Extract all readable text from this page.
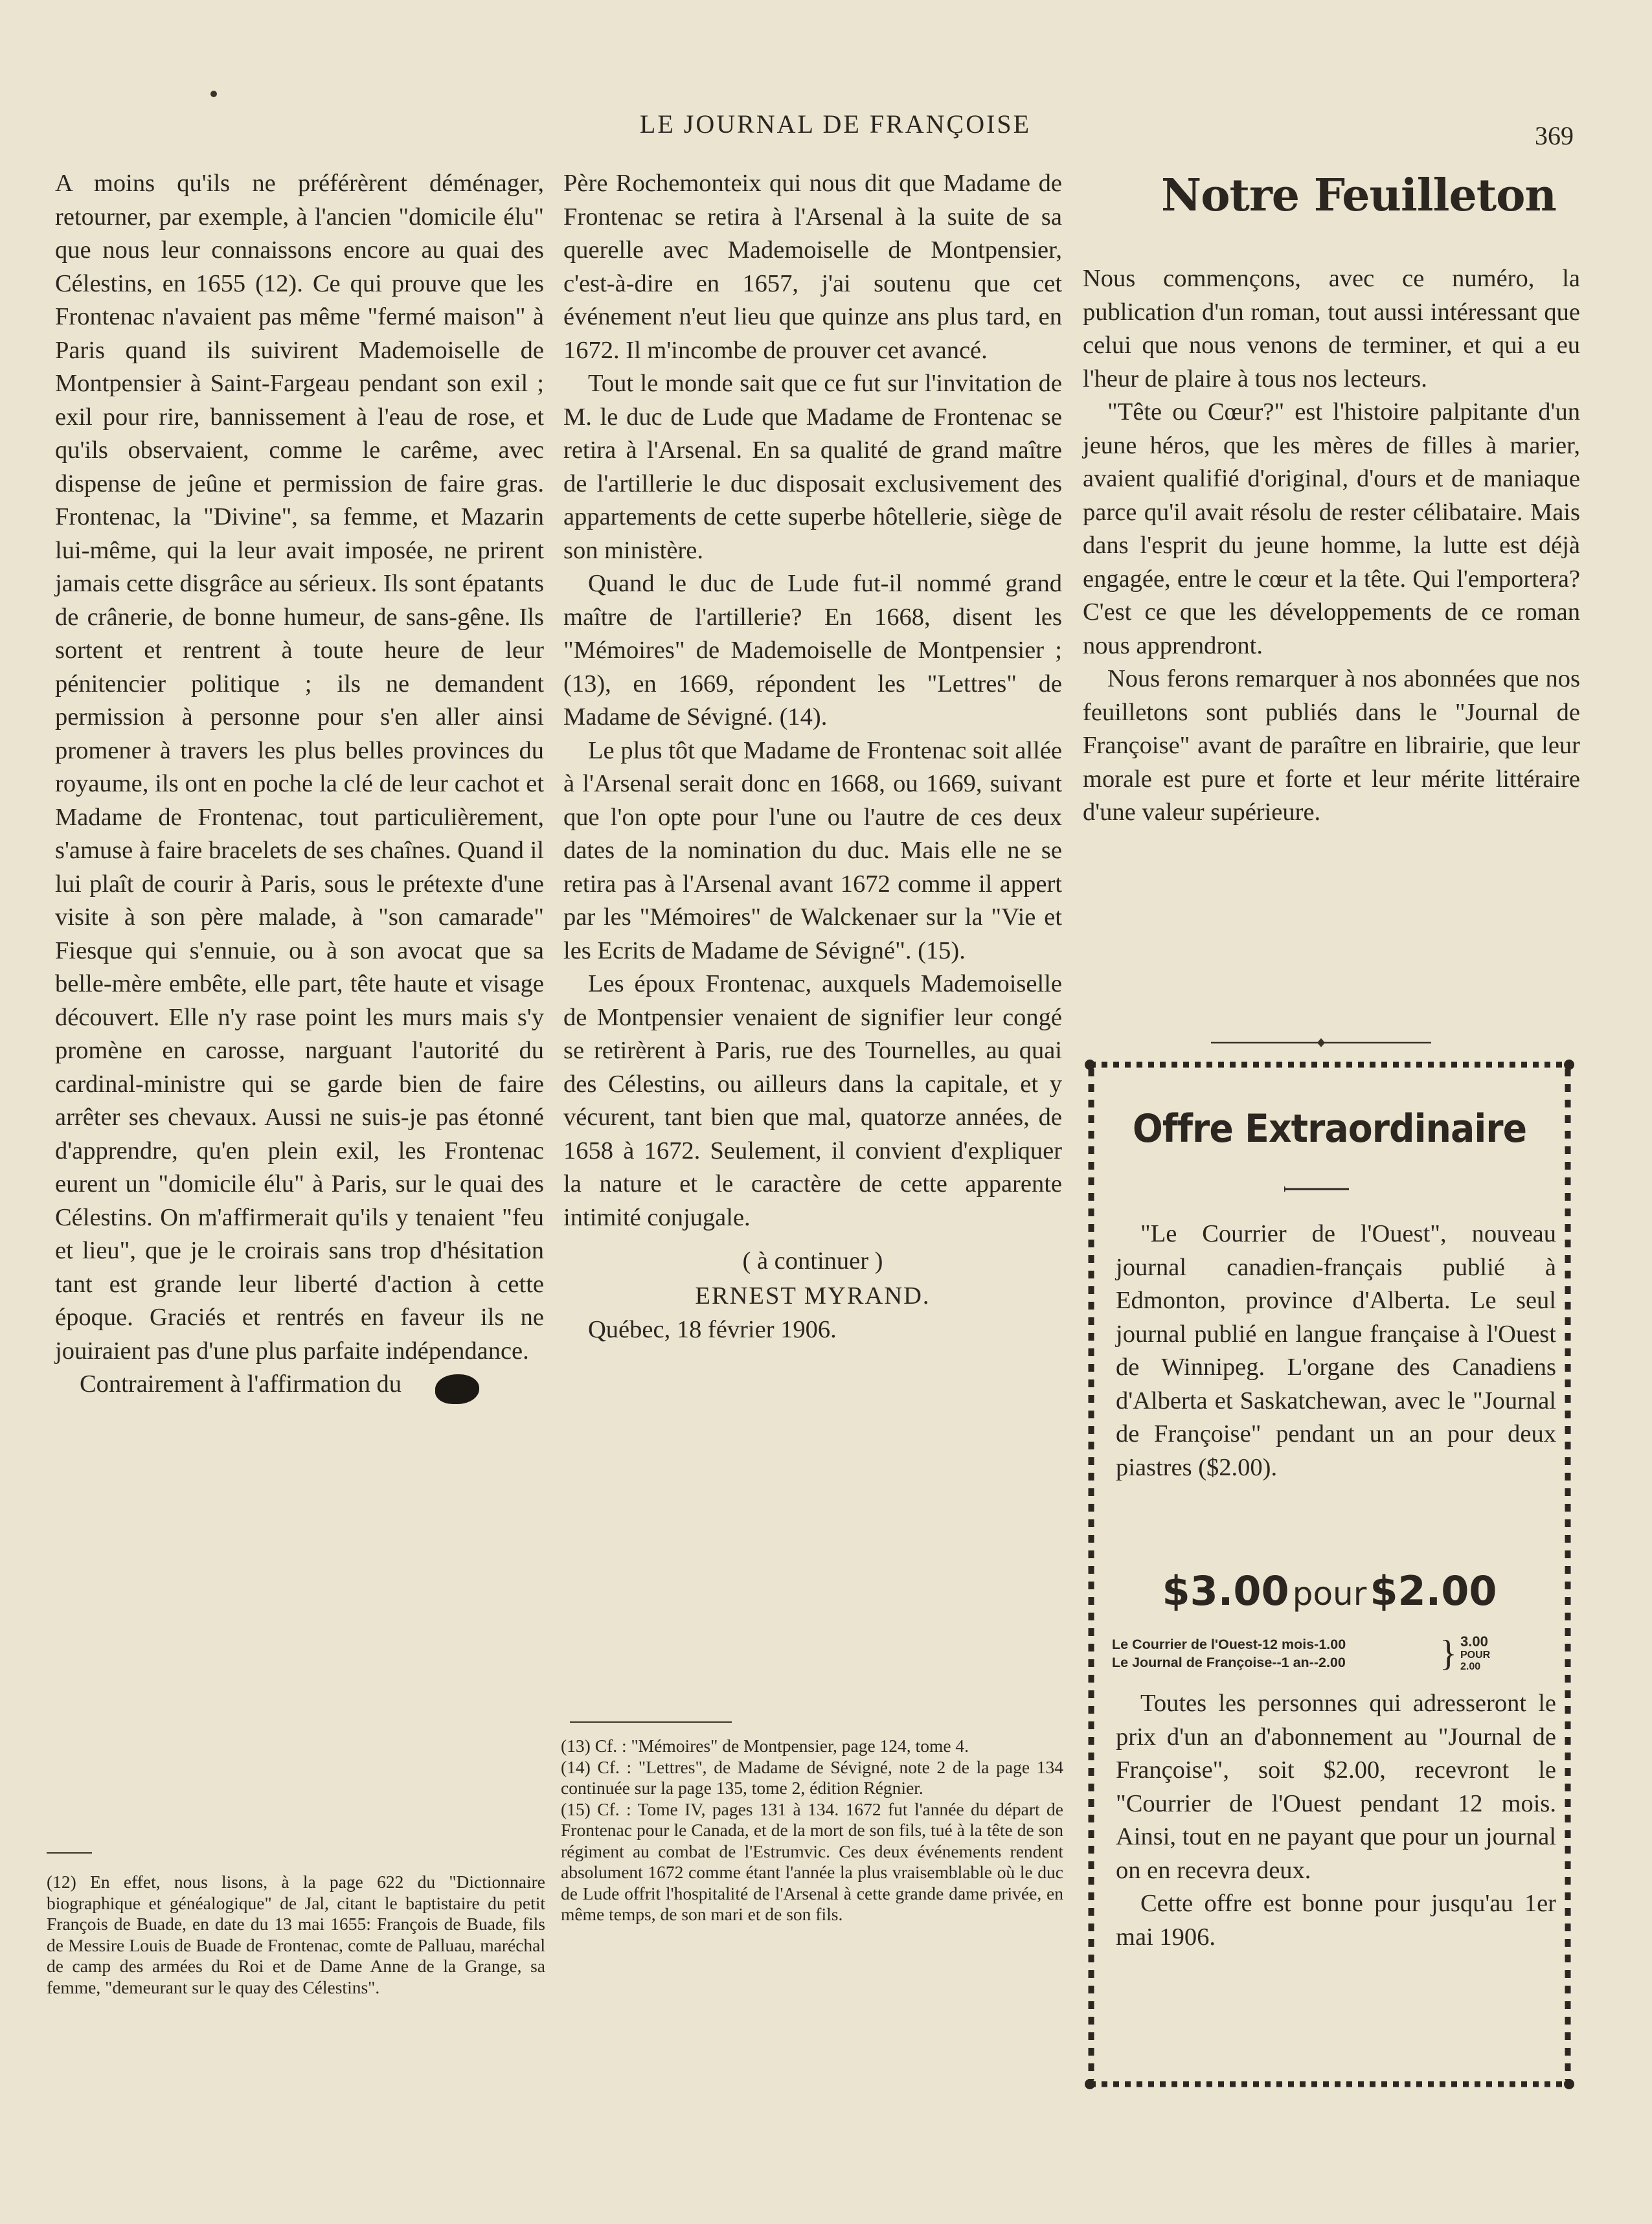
LE JOURNAL DE FRANÇOISE	369

A moins qu'ils ne préférèrent déménager, retourner, par exemple, à l'ancien "domicile élu" que nous leur connaissons encore au quai des Célestins, en 1655 (12). Ce qui prouve que les Frontenac n'avaient pas même "fermé maison" à Paris quand ils suivirent Mademoiselle de Montpensier à Saint-Fargeau pendant son exil ; exil pour rire, bannissement à l'eau de rose, et qu'ils observaient, comme le carême, avec dispense de jeûne et permission de faire gras. Frontenac, la "Divine", sa femme, et Mazarin lui-même, qui la leur avait imposée, ne prirent jamais cette disgrâce au sérieux. Ils sont épatants de crânerie, de bonne humeur, de sans-gêne. Ils sortent et rentrent à toute heure de leur pénitencier politique ; ils ne demandent permission à personne pour s'en aller ainsi promener à travers les plus belles provinces du royaume, ils ont en poche la clé de leur cachot et Madame de Frontenac, tout particulièrement, s'amuse à faire bracelets de ses chaînes. Quand il lui plaît de courir à Paris, sous le prétexte d'une visite à son père malade, à "son camarade" Fiesque qui s'ennuie, ou à son avocat que sa belle-mère embête, elle part, tête haute et visage découvert. Elle n'y rase point les murs mais s'y promène en carosse, narguant l'autorité du cardinal-ministre qui se garde bien de faire arrêter ses chevaux. Aussi ne suis-je pas étonné d'apprendre, qu'en plein exil, les Frontenac eurent un "domicile élu" à Paris, sur le quai des Célestins. On m'affirmerait qu'ils y tenaient "feu et lieu", que je le croirais sans trop d'hésitation tant est grande leur liberté d'action à cette époque. Graciés et rentrés en faveur ils ne jouiraient pas d'une plus parfaite indépendance.

Contrairement à l'affirmation du

(12) En effet, nous lisons, à la page 622 du "Dictionnaire biographique et généalogique" de Jal, citant le baptistaire du petit François de Buade, en date du 13 mai 1655: François de Buade, fils de Messire Louis de Buade de Frontenac, comte de Palluau, maréchal de camp des armées du Roi et de Dame Anne de la Grange, sa femme, "demeurant sur le quay des Célestins".

Père Rochemonteix qui nous dit que Madame de Frontenac se retira à l'Arsenal à la suite de sa querelle avec Mademoiselle de Montpensier, c'est-à-dire en 1657, j'ai soutenu que cet événement n'eut lieu que quinze ans plus tard, en 1672. Il m'incombe de prouver cet avancé.

Tout le monde sait que ce fut sur l'invitation de M. le duc de Lude que Madame de Frontenac se retira à l'Arsenal. En sa qualité de grand maître de l'artillerie le duc disposait exclusivement des appartements de cette superbe hôtellerie, siège de son ministère.

Quand le duc de Lude fut-il nommé grand maître de l'artillerie? En 1668, disent les "Mémoires" de Mademoiselle de Montpensier ; (13), en 1669, répondent les "Lettres" de Madame de Sévigné. (14).

Le plus tôt que Madame de Frontenac soit allée à l'Arsenal serait donc en 1668, ou 1669, suivant que l'on opte pour l'une ou l'autre de ces deux dates de la nomination du duc. Mais elle ne se retira pas à l'Arsenal avant 1672 comme il appert par les "Mémoires" de Walckenaer sur la "Vie et les Ecrits de Madame de Sévigné". (15).

Les époux Frontenac, auxquels Mademoiselle de Montpensier venaient de signifier leur congé se retirèrent à Paris, rue des Tournelles, au quai des Célestins, ou ailleurs dans la capitale, et y vécurent, tant bien que mal, quatorze années, de 1658 à 1672. Seulement, il convient d'expliquer la nature et le caractère de cette apparente intimité conjugale.

( à continuer )
ERNEST MYRAND.
Québec, 18 février 1906.

(13) Cf. : "Mémoires" de Montpensier, page 124, tome 4.

(14) Cf. : "Lettres", de Madame de Sévigné, note 2 de la page 134 continuée sur la page 135, tome 2, édition Régnier.

(15) Cf. : Tome IV, pages 131 à 134. 1672 fut l'année du départ de Frontenac pour le Canada, et de la mort de son fils, tué à la tête de son régiment au combat de l'Estrumvic. Ces deux événements rendent absolument 1672 comme étant l'année la plus vraisemblable où le duc de Lude offrit l'hospitalité de l'Arsenal à cette grande dame privée, en même temps, de son mari et de son fils.

Notre Feuilleton

Nous commençons, avec ce numéro, la publication d'un roman, tout aussi intéressant que celui que nous venons de terminer, et qui a eu l'heur de plaire à tous nos lecteurs.

"Tête ou Cœur?" est l'histoire palpitante d'un jeune héros, que les mères de filles à marier, avaient qualifié d'original, d'ours et de maniaque parce qu'il avait résolu de rester célibataire. Mais dans l'esprit du jeune homme, la lutte est déjà engagée, entre le cœur et la tête. Qui l'emportera? C'est ce que les développements de ce roman nous apprendront.

Nous ferons remarquer à nos abonnées que nos feuilletons sont publiés dans le "Journal de Françoise" avant de paraître en librairie, que leur morale est pure et forte et leur mérite littéraire d'une valeur supérieure.

Offre Extraordinaire

"Le Courrier de l'Ouest", nouveau journal canadien-français publié à Edmonton, province d'Alberta. Le seul journal publié en langue française à l'Ouest de Winnipeg. L'organe des Canadiens d'Alberta et Saskatchewan, avec le "Journal de Françoise" pendant un an pour deux piastres ($2.00).

$3.00 pour $2.00
Le Courrier de l'Ouest-12 mois-1.00
Le Journal de Françoise--1 an--2.00	} 3.00
POUR
2.00

Toutes les personnes qui adresseront le prix d'un an d'abonnement au "Journal de Françoise", soit $2.00, recevront le "Courrier de l'Ouest pendant 12 mois. Ainsi, tout en ne payant que pour un journal on en recevra deux.

Cette offre est bonne pour jusqu'au 1er mai 1906.
